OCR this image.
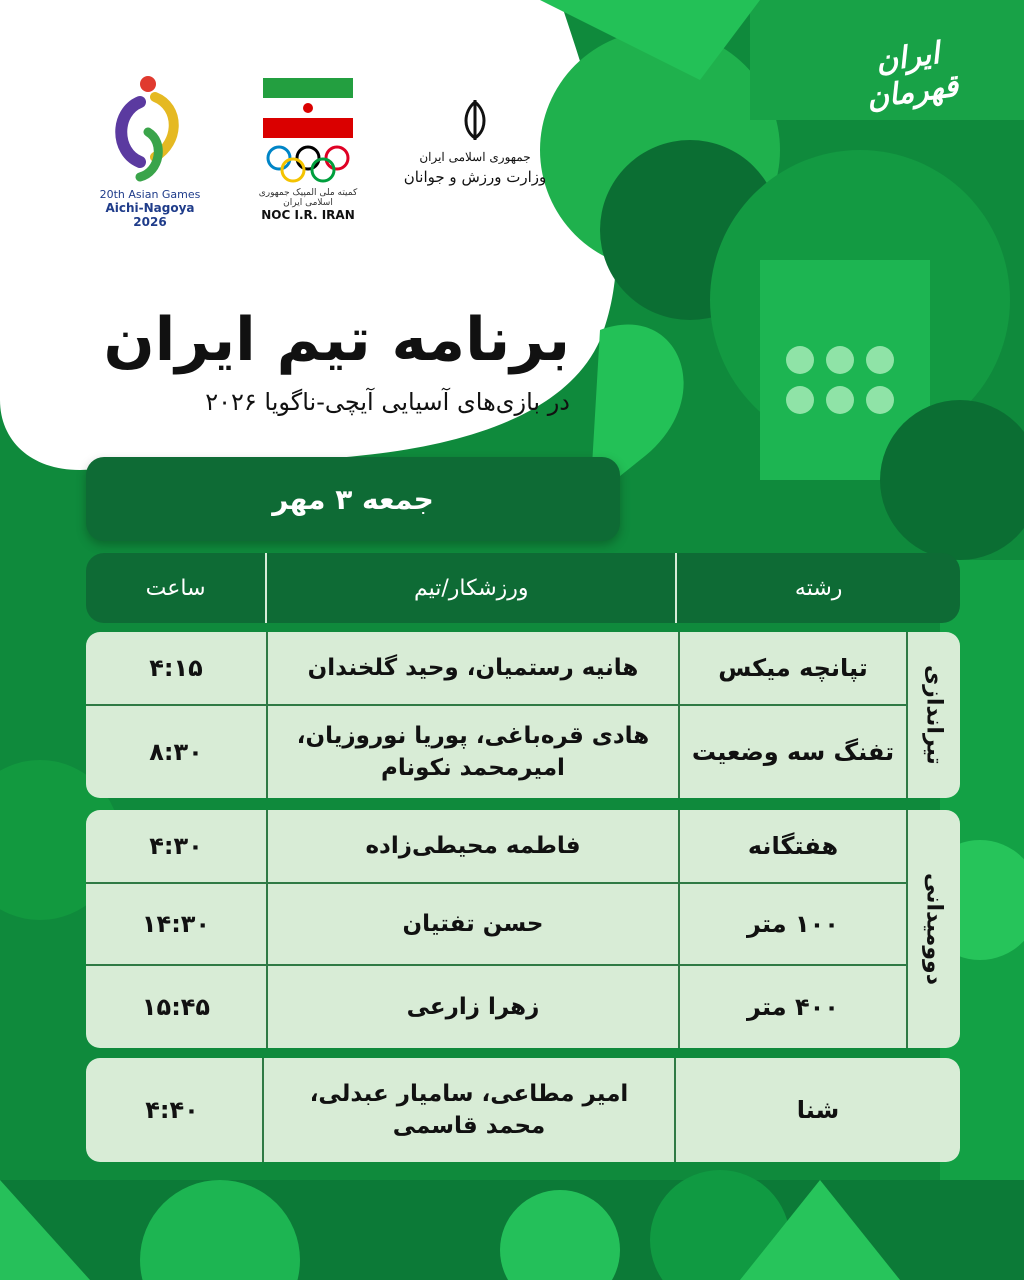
20th Asian Games
Aichi-Nagoya 2026

کمیته ملی المپیک جمهوری اسلامی ایران
NOC I.R. IRAN
جمهوری اسلامی ایران
وزارت ورزش و جوانان
ایران قهرمان
برنامه تیم ایران
در بازی‌های آسیایی آیچی-ناگویا ۲۰۲۶
جمعه ۳ مهر
رشته
ورزشکار/تیم
ساعت
تیراندازی
تپانچه میکس
هانیه رستمیان، وحید گلخندان
۴:۱۵
تفنگ سه وضعیت
هادی قره‌باغی، پوریا نوروزیان،
امیرمحمد نکونام
۸:۳۰
دوومیدانی
هفتگانه
فاطمه محیطی‌زاده
۴:۳۰
۱۰۰ متر
حسن تفتیان
۱۴:۳۰
۴۰۰ متر
زهرا زارعی
۱۵:۴۵
شنا
امیر مطاعی، سامیار عبدلی،
محمد قاسمی
۴:۴۰
